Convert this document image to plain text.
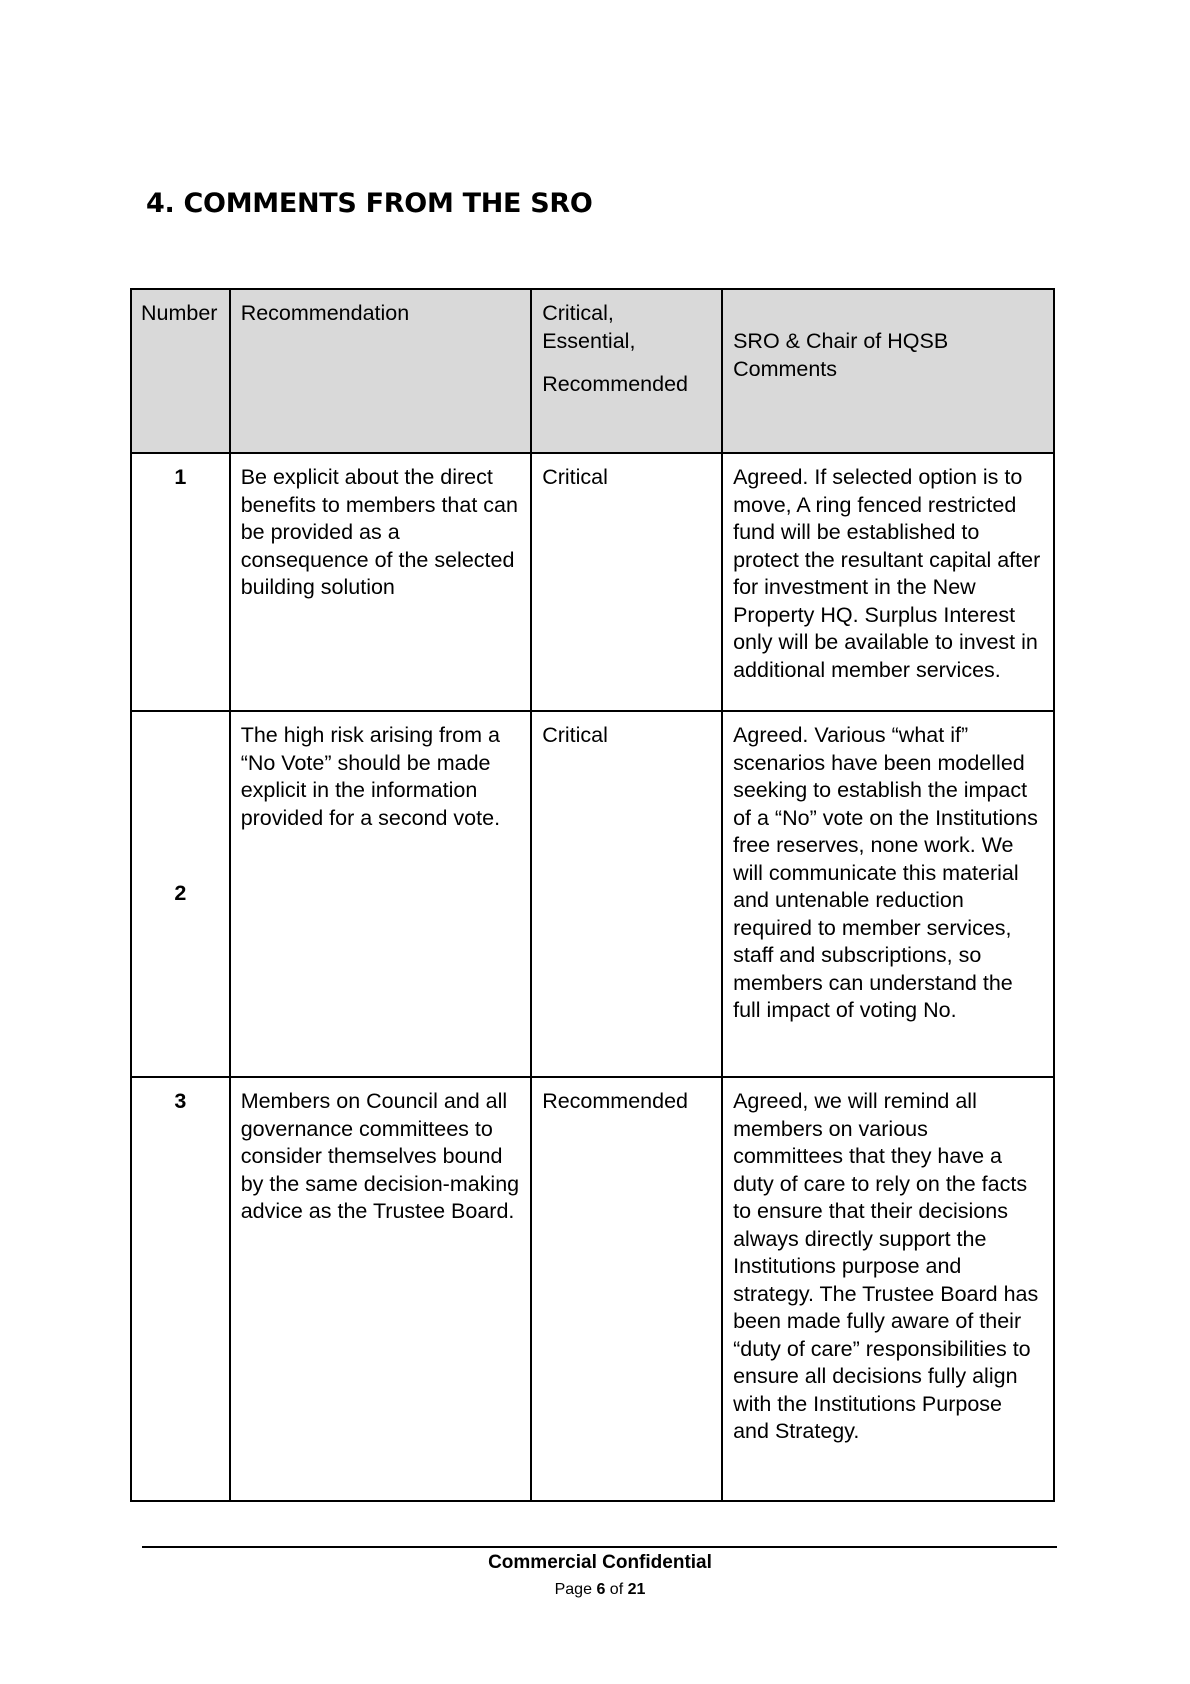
4. COMMENTS FROM THE SRO
Number	Recommendation	Critical,
Essential,
Recommended	SRO & Chair of HQSB Comments
1	Be explicit about the direct benefits to members that can be provided as a consequence of the selected building solution	Critical	Agreed. If selected option is to move, A ring fenced restricted fund will be established to protect the resultant capital after for investment in the New Property HQ. Surplus Interest only will be available to invest in additional member services.
2	The high risk arising from a “No Vote” should be made explicit in the information provided for a second vote.	Critical	Agreed. Various “what if” scenarios have been modelled seeking to establish the impact of a “No” vote on the Institutions free reserves, none work. We will communicate this material and untenable reduction required to member services, staff and subscriptions, so members can understand the full impact of voting No.
3	Members on Council and all governance committees to consider themselves bound by the same decision-making advice as the Trustee Board.	Recommended	Agreed, we will remind all members on various committees that they have a duty of care to rely on the facts to ensure that their decisions always directly support the Institutions purpose and strategy. The Trustee Board has been made fully aware of their “duty of care” responsibilities to ensure all decisions fully align with the Institutions Purpose and Strategy.
Commercial Confidential
Page 6 of 21
